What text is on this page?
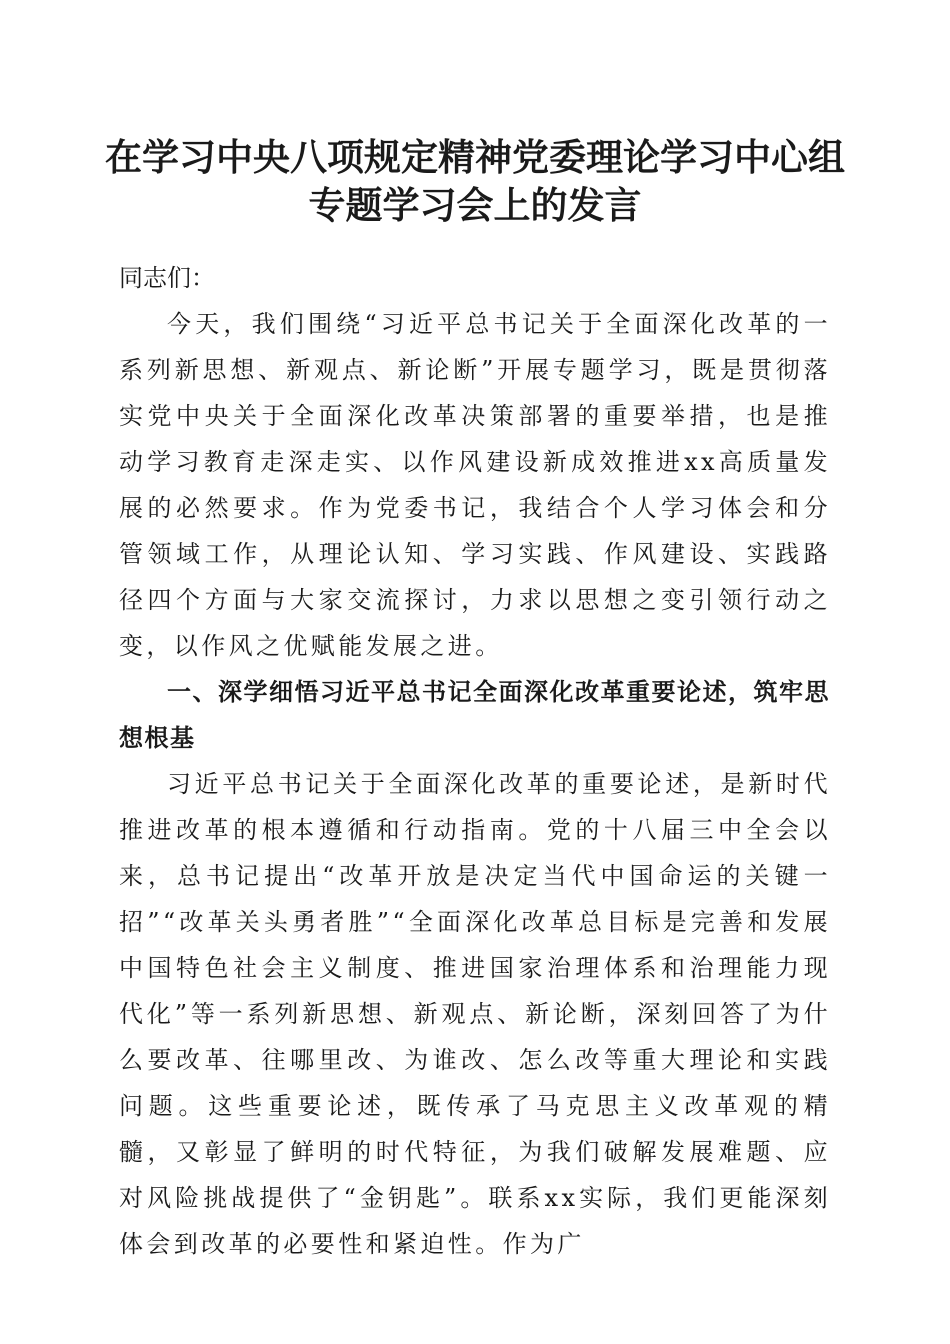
在学习中央八项规定精神党委理论学习中心组
专题学习会上的发言

同志们：

今天，我们围绕“习近平总书记关于全面深化改革的一系列新思想、新观点、新论断”开展专题学习，既是贯彻落实党中央关于全面深化改革决策部署的重要举措，也是推动学习教育走深走实、以作风建设新成效推进xx高质量发展的必然要求。作为党委书记，我结合个人学习体会和分管领域工作，从理论认知、学习实践、作风建设、实践路径四个方面与大家交流探讨，力求以思想之变引领行动之变，以作风之优赋能发展之进。

一、深学细悟习近平总书记全面深化改革重要论述，筑牢思想根基

习近平总书记关于全面深化改革的重要论述，是新时代推进改革的根本遵循和行动指南。党的十八届三中全会以来，总书记提出“改革开放是决定当代中国命运的关键一招”“改革关头勇者胜”“全面深化改革总目标是完善和发展中国特色社会主义制度、推进国家治理体系和治理能力现代化”等一系列新思想、新观点、新论断，深刻回答了为什么要改革、往哪里改、为谁改、怎么改等重大理论和实践问题。这些重要论述，既传承了马克思主义改革观的精髓，又彰显了鲜明的时代特征，为我们破解发展难题、应对风险挑战提供了“金钥匙”。联系xx实际，我们更能深刻体会到改革的必要性和紧迫性。作为广
